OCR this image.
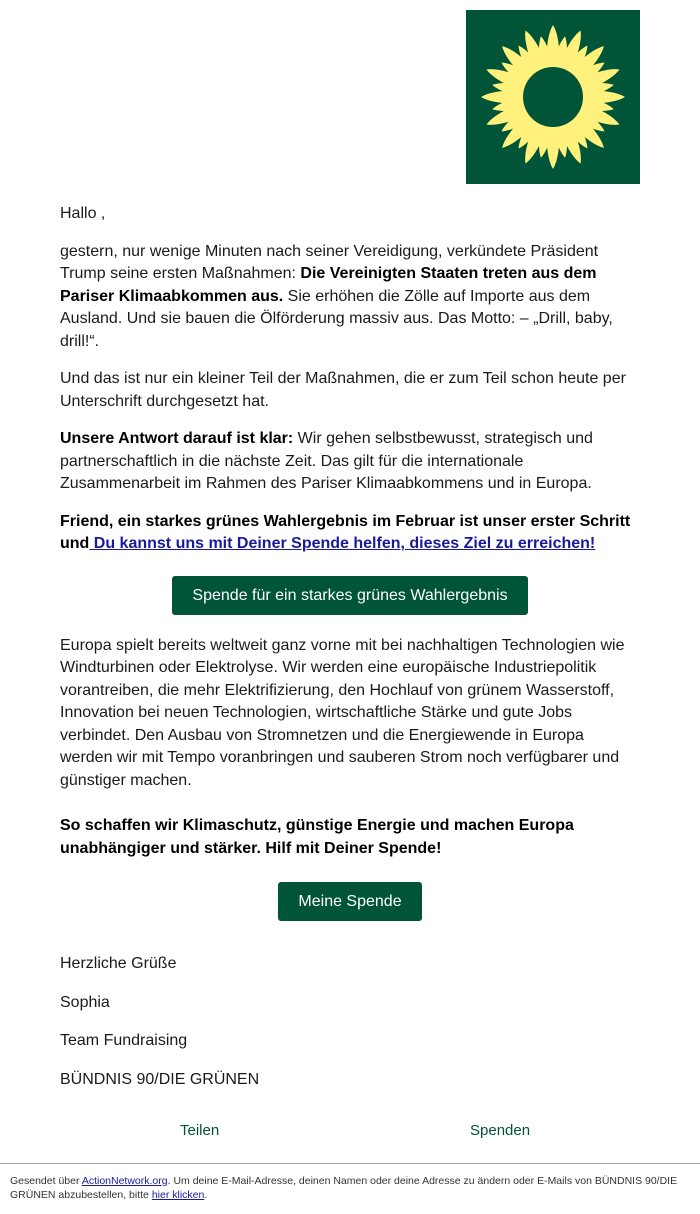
Hallo ,

gestern, nur wenige Minuten nach seiner Vereidigung, verkündete Präsident Trump seine ersten Maßnahmen: Die Vereinigten Staaten treten aus dem Pariser Klimaabkommen aus. Sie erhöhen die Zölle auf Importe aus dem Ausland. Und sie bauen die Ölförderung massiv aus. Das Motto: – „Drill, baby, drill!“.

Und das ist nur ein kleiner Teil der Maßnahmen, die er zum Teil schon heute per Unterschrift durchgesetzt hat.

Unsere Antwort darauf ist klar: Wir gehen selbstbewusst, strategisch und partnerschaftlich in die nächste Zeit. Das gilt für die internationale Zusammenarbeit im Rahmen des Pariser Klimaabkommens und in Europa.

Friend, ein starkes grünes Wahlergebnis im Februar ist unser erster Schritt und Du kannst uns mit Deiner Spende helfen, dieses Ziel zu erreichen!

Spende für ein starkes grünes Wahlergebnis

Europa spielt bereits weltweit ganz vorne mit bei nachhaltigen Technologien wie Windturbinen oder Elektrolyse. Wir werden eine europäische Industriepolitik vorantreiben, die mehr Elektrifizierung, den Hochlauf von grünem Wasserstoff, Innovation bei neuen Technologien, wirtschaftliche Stärke und gute Jobs verbindet. Den Ausbau von Stromnetzen und die Energiewende in Europa werden wir mit Tempo voranbringen und sauberen Strom noch verfügbarer und günstiger machen.

So schaffen wir Klimaschutz, günstige Energie und machen Europa unabhängiger und stärker. Hilf mit Deiner Spende!

Meine Spende

Herzliche Grüße

Sophia

Team Fundraising

BÜNDNIS 90/DIE GRÜNEN

Teilen	Spenden
Gesendet über ActionNetwork.org. Um deine E-Mail-Adresse, deinen Namen oder deine Adresse zu ändern oder E-Mails von BÜNDNIS 90/DIE GRÜNEN abzubestellen, bitte hier klicken.
